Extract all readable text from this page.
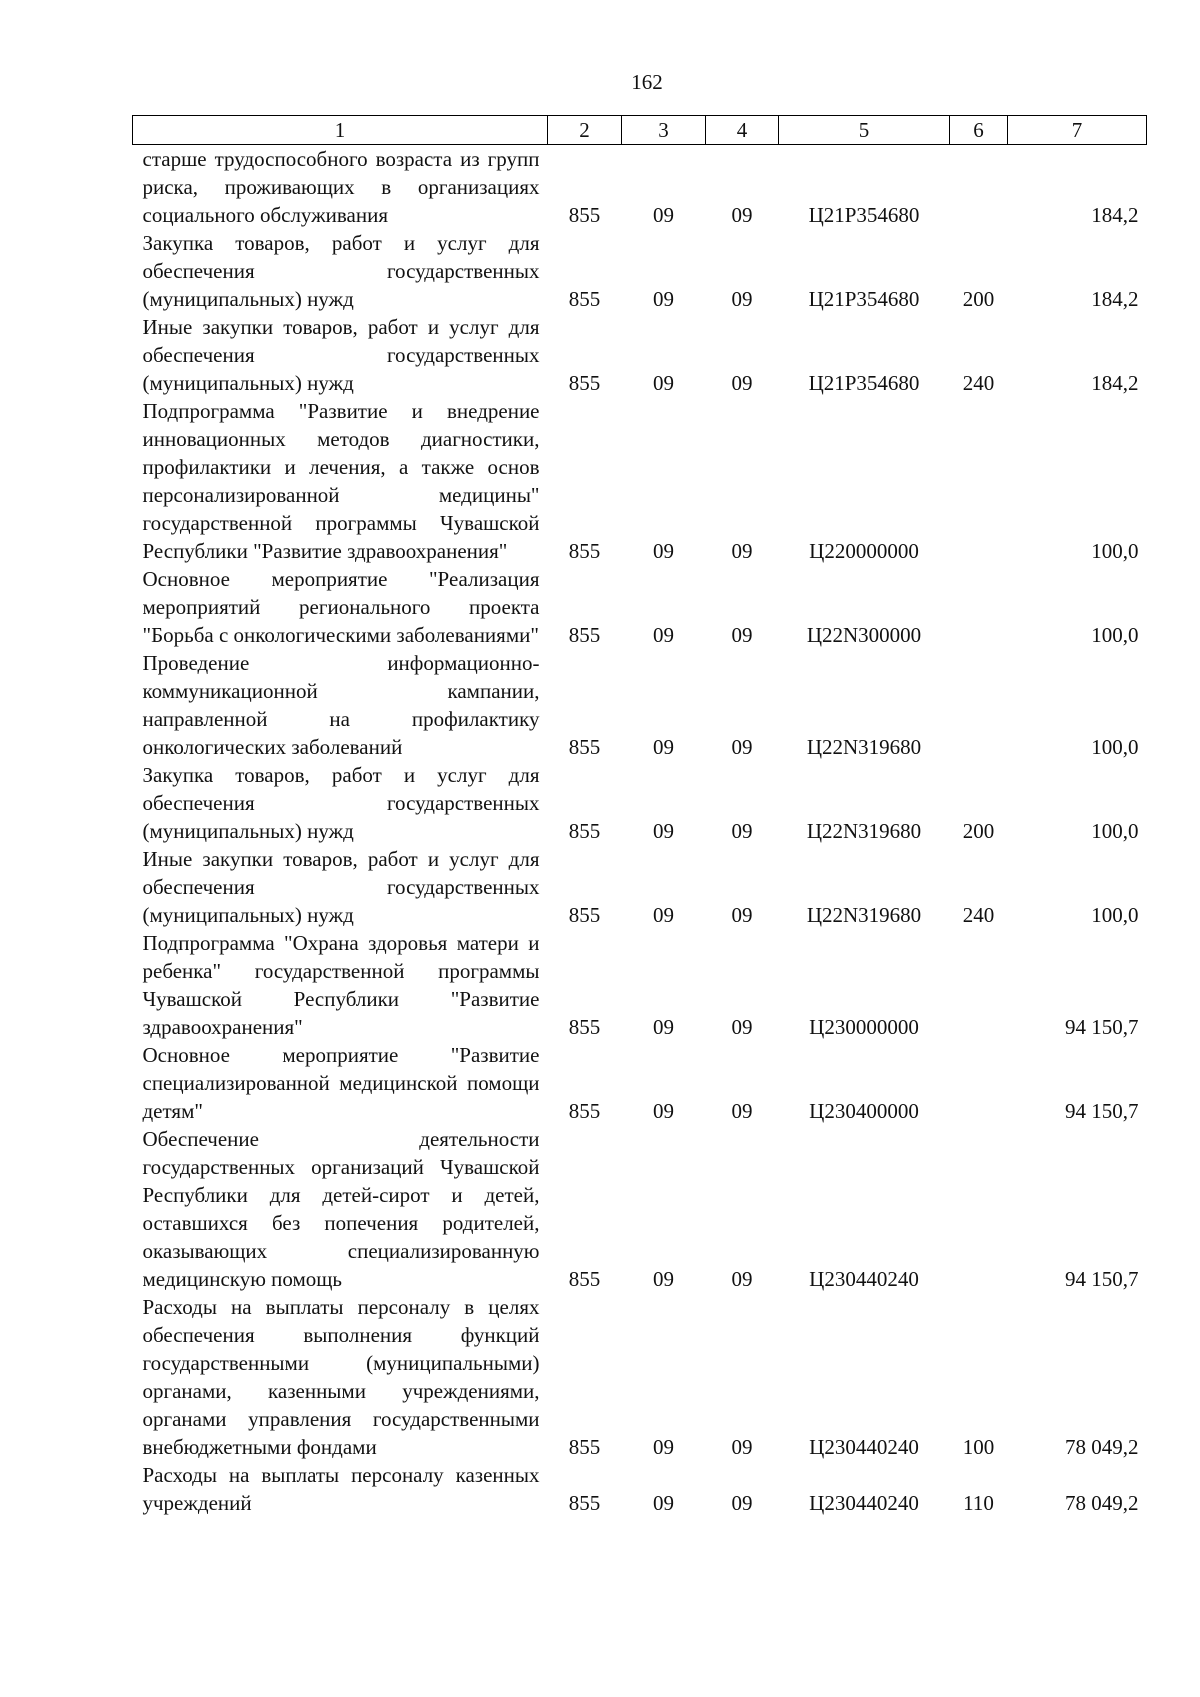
162
1	2	3	4	5	6	7
старше трудоспособного возраста из групп риска, проживающих в организациях социального обслуживания	855	09	09	Ц21P354680		184,2
Закупка товаров, работ и услуг для обеспечения государственных (муниципальных) нужд	855	09	09	Ц21P354680	200	184,2
Иные закупки товаров, работ и услуг для обеспечения государственных (муниципальных) нужд	855	09	09	Ц21P354680	240	184,2
Подпрограмма "Развитие и внедрение инновационных методов диагностики, профилактики и лечения, а также основ персонализированной медицины" государственной программы Чувашской Республики "Развитие здравоохранения"	855	09	09	Ц220000000		100,0
Основное мероприятие "Реализация мероприятий регионального проекта "Борьба с онкологическими заболеваниями"	855	09	09	Ц22N300000		100,0
Проведение информационно-коммуникационной кампании, направленной на профилактику онкологических заболеваний	855	09	09	Ц22N319680		100,0
Закупка товаров, работ и услуг для обеспечения государственных (муниципальных) нужд	855	09	09	Ц22N319680	200	100,0
Иные закупки товаров, работ и услуг для обеспечения государственных (муниципальных) нужд	855	09	09	Ц22N319680	240	100,0
Подпрограмма "Охрана здоровья матери и ребенка" государственной программы Чувашской Республики "Развитие здравоохранения"	855	09	09	Ц230000000		94 150,7
Основное мероприятие "Развитие специализированной медицинской помощи детям"	855	09	09	Ц230400000		94 150,7
Обеспечение деятельности государственных организаций Чувашской Республики для детей-сирот и детей, оставшихся без попечения родителей, оказывающих специализированную медицинскую помощь	855	09	09	Ц230440240		94 150,7
Расходы на выплаты персоналу в целях обеспечения выполнения функций государственными (муниципальными) органами, казенными учреждениями, органами управления государственными внебюджетными фондами	855	09	09	Ц230440240	100	78 049,2
Расходы на выплаты персоналу казенных учреждений	855	09	09	Ц230440240	110	78 049,2
